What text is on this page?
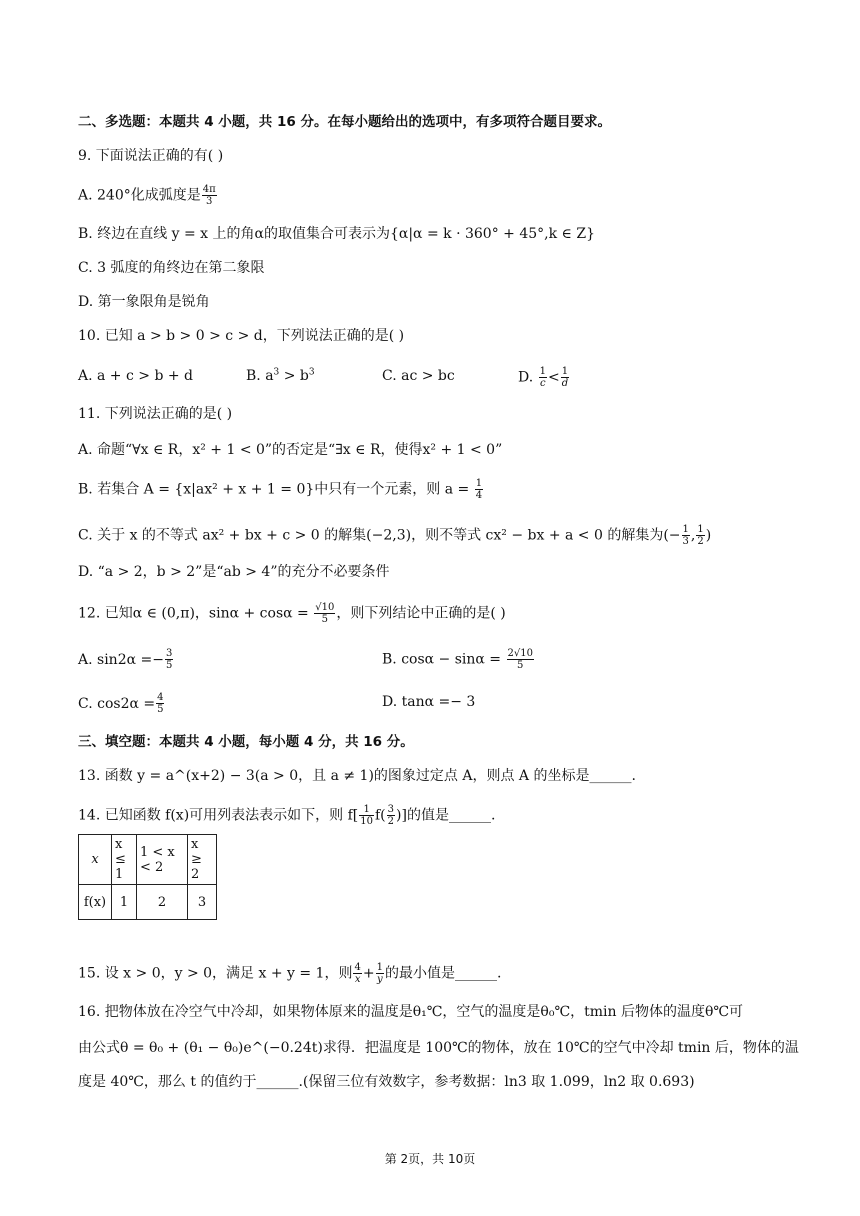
二、多选题：本题共 4 小题，共 16 分。在每小题给出的选项中，有多项符合题目要求。
9. 下面说法正确的有( )
A. 240°化成弧度是 $\frac{4\pi}{3}$
B. 终边在直线 y = x 上的角α的取值集合可表示为{α|α = k · 360° + 45°,k ∈ Z}
C. 3 弧度的角终边在第二象限
D. 第一象限角是锐角
10. 已知 a > b > 0 > c > d，下列说法正确的是( )
A. a + c > b + d	B. $a^3 > b^3$	C. ac > bc	D. $\frac{1}{c} < \frac{1}{d}$
11. 下列说法正确的是( )
A. 命题“∀x ∈ R，x² + 1 < 0”的否定是“∃x ∈ R，使得x² + 1 < 0”
B. 若集合 A = {x|ax² + x + 1 = 0}中只有一个元素，则 $a = \frac{1}{4}$
C. 关于 x 的不等式 ax² + bx + c > 0 的解集(−2,3)，则不等式 cx² − bx + a < 0 的解集为(− $\frac{1}{3}$ , $\frac{1}{2}$ )
D. “a > 2，b > 2”是“ab > 4”的充分不必要条件
12. 已知α ∈ (0,π)，$\sin\alpha + \cos\alpha = \frac{√10}{5}$ ，则下列结论中正确的是( )
A. $\sin 2\alpha =- \frac{3}{5}$	B. $\cos\alpha - \sin\alpha = \frac{2√10}{5}$
C. $\cos 2\alpha = \frac{4}{5}$	D. tanα =− 3
三、填空题：本题共 4 小题，每小题 4 分，共 16 分。
13. 函数 y = a^(x+2) − 3(a > 0，且 a ≠ 1)的图象过定点 A，则点 A 的坐标是______.
14. 已知函数 f(x)可用列表法表示如下，则 $f[ \frac{1}{10} f( \frac{3}{2}$ )]的值是______.
15. 设 x > 0，y > 0，满足 x + y = 1，则 $\frac{4}{x} + \frac{1}{y}$ 的最小值是______.
16. 把物体放在冷空气中冷却，如果物体原来的温度是θ₁℃，空气的温度是θ₀℃，tmin 后物体的温度θ℃可
由公式θ = θ₀ + (θ₁ − θ₀)e^(−0.24t)求得．把温度是 100℃的物体，放在 10℃的空气中冷却 tmin 后，物体的温
度是 40℃，那么 t 的值约于______.(保留三位有效数字，参考数据：ln3 取 1.099，ln2 取 0.693)
x	x ≤ 1	1 < x < 2	x ≥ 2
f(x)	1	2	3
第 2页，共 10页
